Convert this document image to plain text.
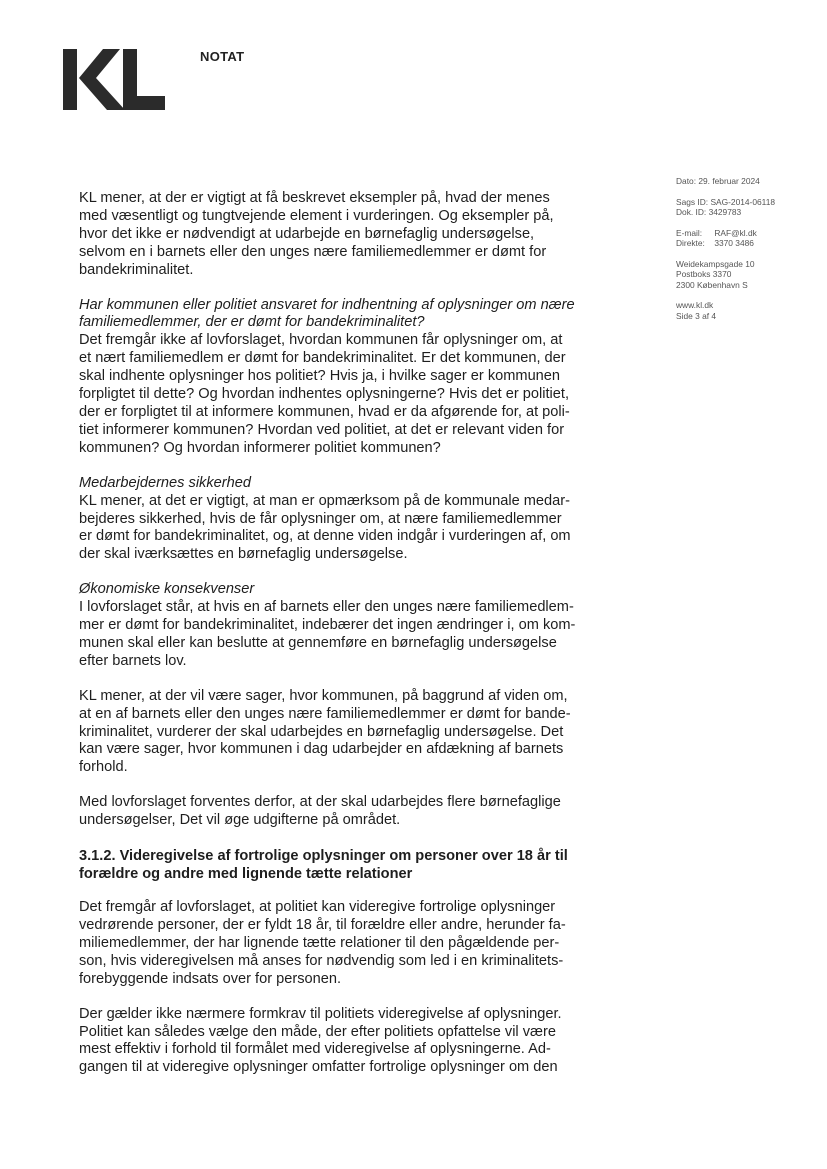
NOTAT
Dato: 29. februar 2024
Sags ID: SAG-2014-06118
Dok. ID: 3429783
E-mail: RAF@kl.dk
Direkte: 3370 3486
Weidekampsgade 10
Postboks 3370
2300 København S
www.kl.dk
Side 3 af 4

KL mener, at der er vigtigt at få beskrevet eksempler på, hvad der menes
med væsentligt og tungtvejende element i vurderingen. Og eksempler på,
hvor det ikke er nødvendigt at udarbejde en børnefaglig undersøgelse,
selvom en i barnets eller den unges nære familiemedlemmer er dømt for
bandekriminalitet.

Har kommunen eller politiet ansvaret for indhentning af oplysninger om nære
familiemedlemmer, der er dømt for bandekriminalitet?
Det fremgår ikke af lovforslaget, hvordan kommunen får oplysninger om, at
et nært familiemedlem er dømt for bandekriminalitet. Er det kommunen, der
skal indhente oplysninger hos politiet? Hvis ja, i hvilke sager er kommunen
forpligtet til dette? Og hvordan indhentes oplysningerne? Hvis det er politiet,
der er forpligtet til at informere kommunen, hvad er da afgørende for, at poli-
tiet informerer kommunen? Hvordan ved politiet, at det er relevant viden for
kommunen? Og hvordan informerer politiet kommunen?

Medarbejdernes sikkerhed
KL mener, at det er vigtigt, at man er opmærksom på de kommunale medar-
bejderes sikkerhed, hvis de får oplysninger om, at nære familiemedlemmer
er dømt for bandekriminalitet, og, at denne viden indgår i vurderingen af, om
der skal iværksættes en børnefaglig undersøgelse.

Økonomiske konsekvenser
I lovforslaget står, at hvis en af barnets eller den unges nære familiemedlem-
mer er dømt for bandekriminalitet, indebærer det ingen ændringer i, om kom-
munen skal eller kan beslutte at gennemføre en børnefaglig undersøgelse
efter barnets lov.

KL mener, at der vil være sager, hvor kommunen, på baggrund af viden om,
at en af barnets eller den unges nære familiemedlemmer er dømt for bande-
kriminalitet, vurderer der skal udarbejdes en børnefaglig undersøgelse. Det
kan være sager, hvor kommunen i dag udarbejder en afdækning af barnets
forhold.

Med lovforslaget forventes derfor, at der skal udarbejdes flere børnefaglige
undersøgelser, Det vil øge udgifterne på området.

3.1.2. Videregivelse af fortrolige oplysninger om personer over 18 år til
forældre og andre med lignende tætte relationer

Det fremgår af lovforslaget, at politiet kan videregive fortrolige oplysninger
vedrørende personer, der er fyldt 18 år, til forældre eller andre, herunder fa-
miliemedlemmer, der har lignende tætte relationer til den pågældende per-
son, hvis videregivelsen må anses for nødvendig som led i en kriminalitets-
forebyggende indsats over for personen.

Der gælder ikke nærmere formkrav til politiets videregivelse af oplysninger.
Politiet kan således vælge den måde, der efter politiets opfattelse vil være
mest effektiv i forhold til formålet med videregivelse af oplysningerne. Ad-
gangen til at videregive oplysninger omfatter fortrolige oplysninger om den
